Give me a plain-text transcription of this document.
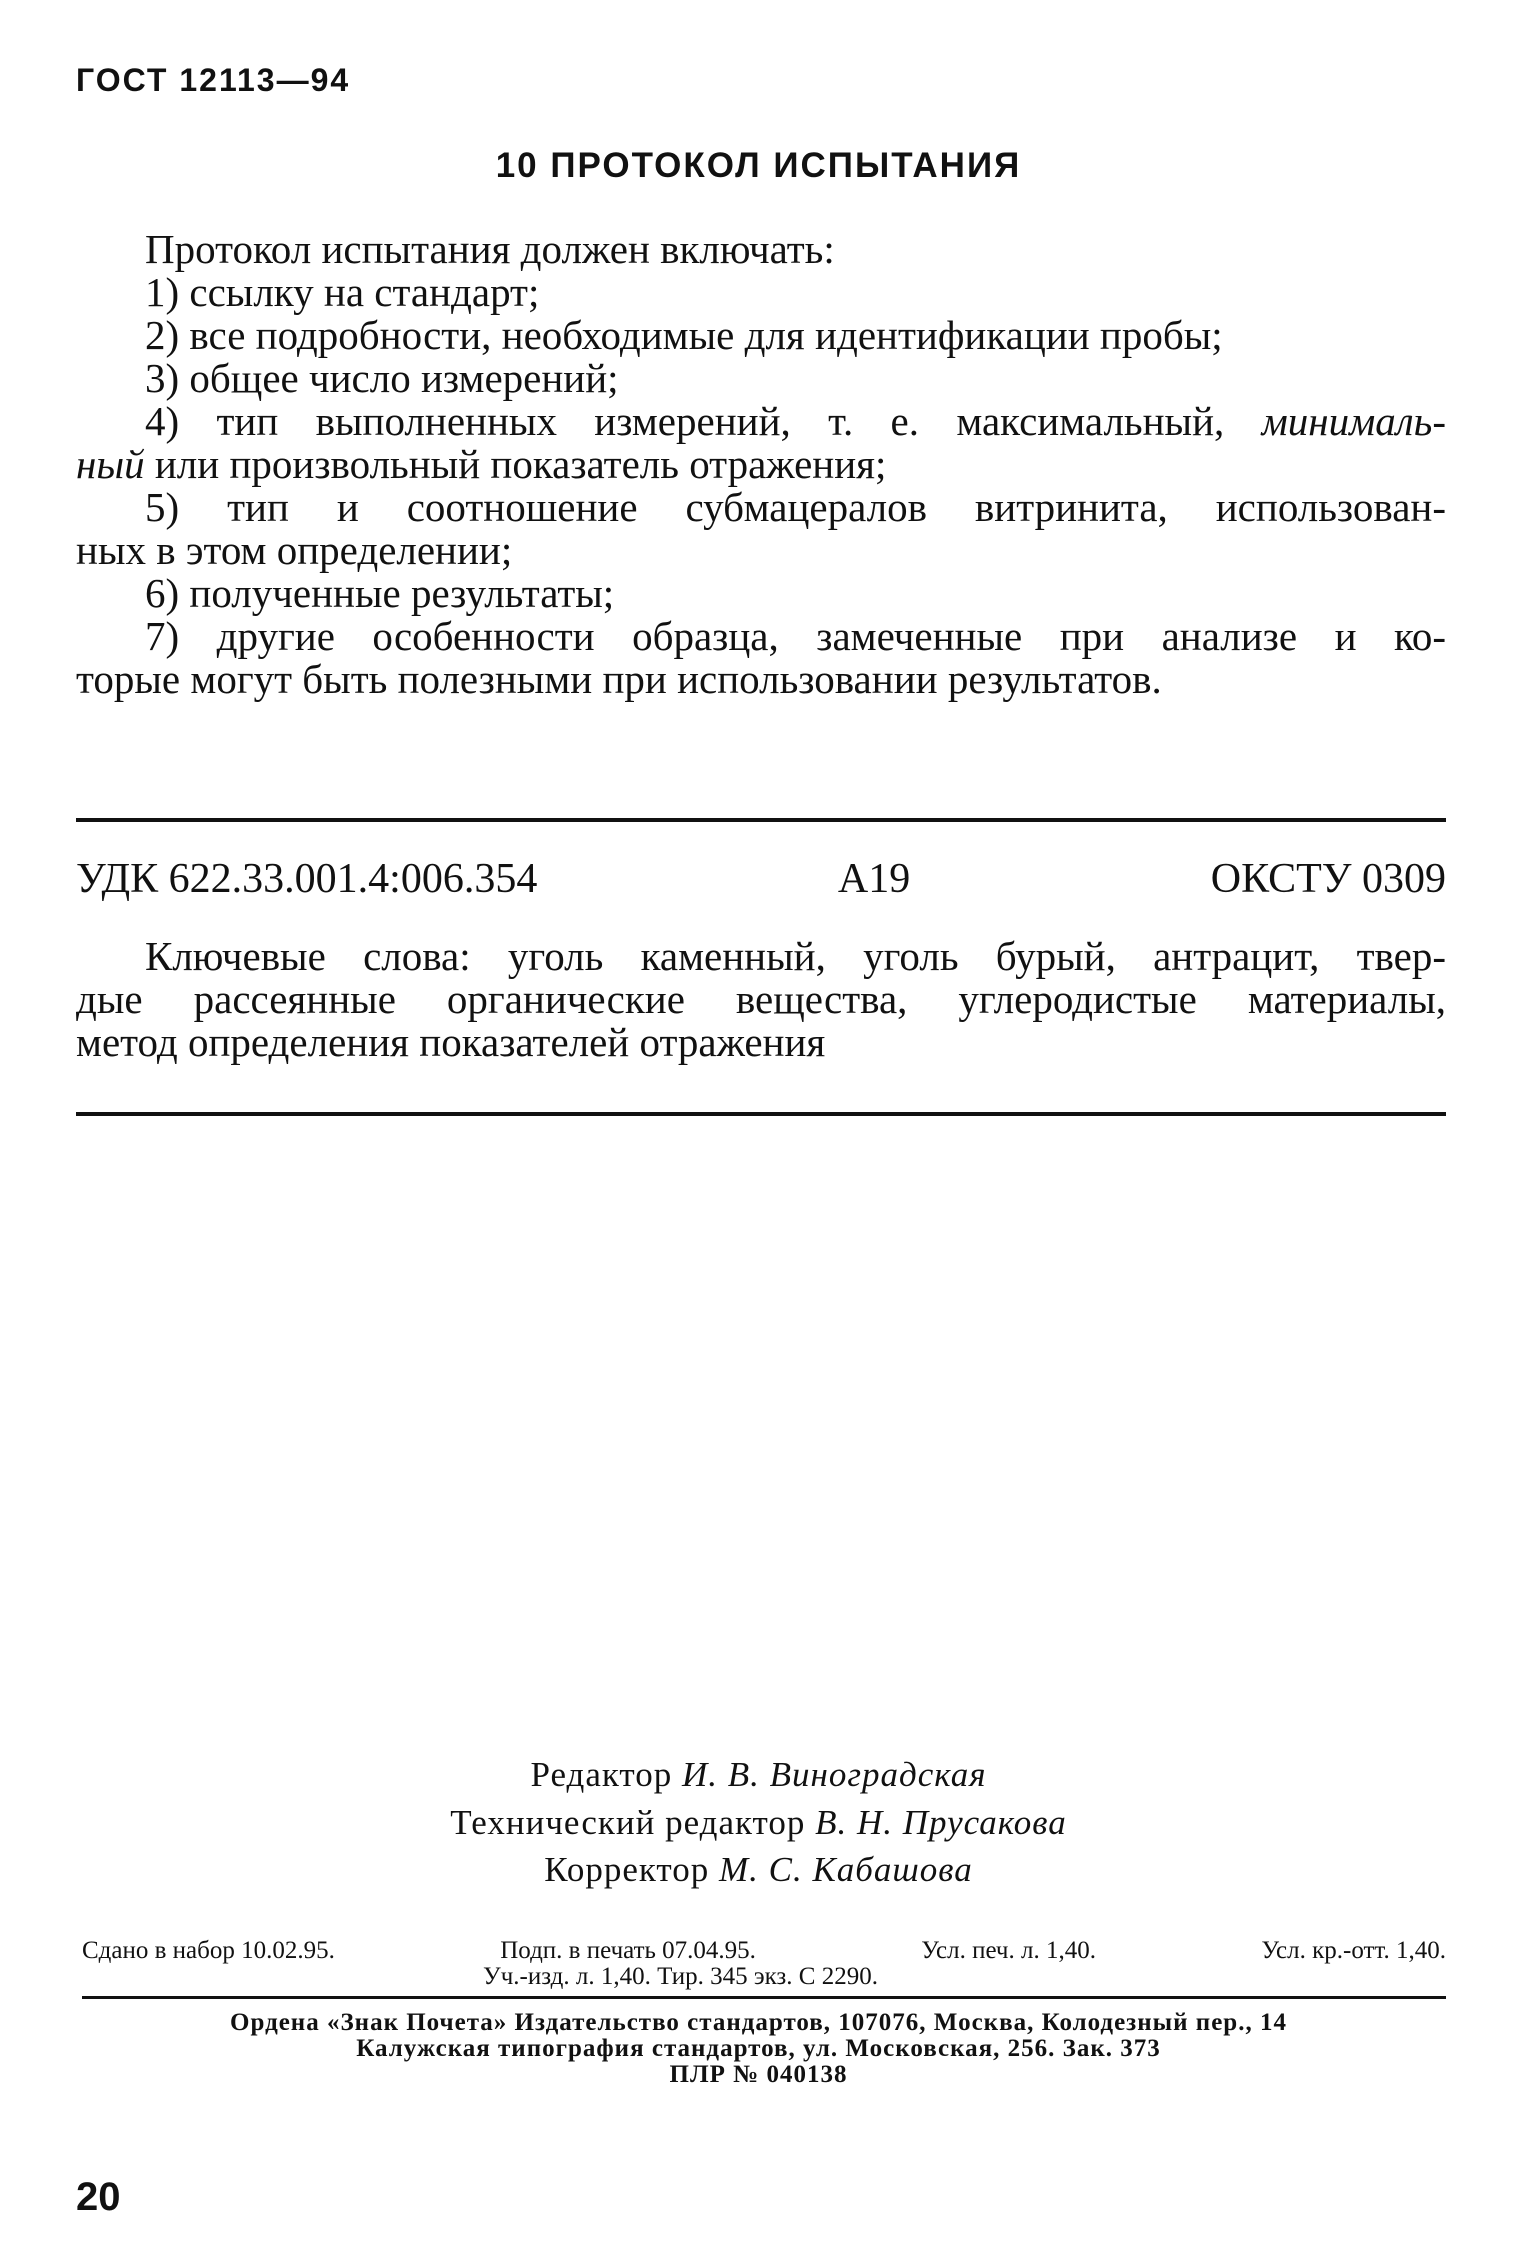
ГОСТ 12113—94
10 ПРОТОКОЛ ИСПЫТАНИЯ
Протокол испытания должен включать:
1) ссылку на стандарт;
2) все подробности, необходимые для идентификации пробы;
3) общее число измерений;
4) тип выполненных измерений, т. е. максимальный, минималь-
ный или произвольный показатель отражения;
5) тип и соотношение субмацералов витринита, использован-
ных в этом определении;
6) полученные результаты;
7) другие особенности образца, замеченные при анализе и ко-
торые могут быть полезными при использовании результатов.
УДК 622.33.001.4:006.354	А19	ОКСТУ 0309
Ключевые слова: уголь каменный, уголь бурый, антрацит, твер-
дые рассеянные органические вещества, углеродистые материалы,
метод определения показателей отражения
Редактор И. В. Виноградская
Технический редактор В. Н. Прусакова
Корректор М. С. Кабашова
Сдано в набор 10.02.95.	Подп. в печать 07.04.95.	Усл. печ. л. 1,40.	Усл. кр.-отт. 1,40.
Уч.-изд. л. 1,40. Тир. 345 экз. С 2290.
Ордена «Знак Почета» Издательство стандартов, 107076, Москва, Колодезный пер., 14
Калужская типография стандартов, ул. Московская, 256. Зак. 373
ПЛР № 040138
20
